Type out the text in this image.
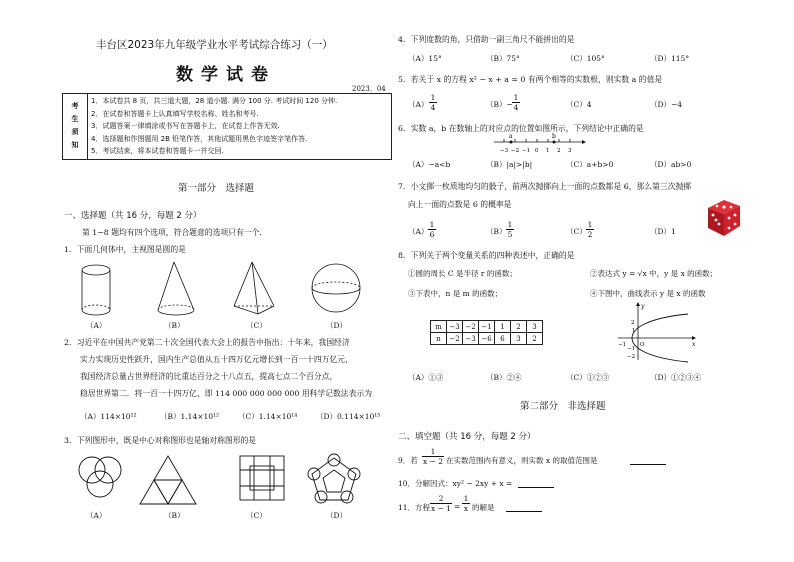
丰台区2023年九年级学业水平考试综合练习（一）
数学试卷
2023．04
考
生
须
知	
1．本试卷共 8 页，共三道大题，28 道小题. 满分 100 分. 考试时间 120 分钟.
2．在试卷和答题卡上认真填写学校名称、姓名和考号.
3．试题答案一律填涂或书写在答题卡上，在试卷上作答无效.
4．选择题和作图题用 2B 铅笔作答，其他试题用黑色字迹签字笔作答.
5．考试结束，将本试卷和答题卡一并交回.
第一部分　选择题
一、选择题（共 16 分，每题 2 分）
第 1−8 题均有四个选项，符合题意的选项只有一个．
1．下面几何体中，主视图是圆的是
（A）	（B）	（C）	（D）
2．习近平在中国共产党第二十次全国代表大会上的报告中指出：十年来，我国经济
实力实现历史性跃升，国内生产总值从五十四万亿元增长到一百一十四万亿元，
我国经济总量占世界经济的比重达百分之十八点五，提高七点二个百分点，
稳居世界第二．将一百一十四万亿，即 114 000 000 000 000 用科学记数法表示为
（A）114×10¹²	（B）1.14×10¹²	（C）1.14×10¹⁴ （D）0.114×10¹⁵
3．下列图形中，既是中心对称图形也是轴对称图形的是
（A）	（B）	（C）	（D）
4．下列度数的角，只借助一副三角尺不能拼出的是
（A）15°	（B）75°	（C）105°	（D）115°
5．若关于 x 的方程 x² − x + a = 0 有两个相等的实数根，则实数 a 的值是
$(A) \frac{1}{4}$	$(B)- \frac{1}{4}$	（C）4	（D）−4
6．实数 a，b 在数轴上的对应点的位置如图所示，下列结论中正确的是
a	b
−3 −2 −1 0 1 2 3
（A）−a<b	（B）|a|>|b|	（C）a+b>0	（D）ab>0
7．小文掷一枚质地均匀的骰子，前两次抛掷向上一面的点数都是 6，那么第三次抛掷
向上一面的点数是 6 的概率是
$(A) \frac{1}{6}$	$(B) \frac{1}{5}$	$(C) \frac{1}{2}$	（D）1
8．下列关于两个变量关系的四种表述中，正确的是
①圆的周长 C 是半径 r 的函数；	②表达式 y = √x 中，y 是 x 的函数；
③下表中，n 是 m 的函数；	④下图中，曲线表示 y 是 x 的函数
m	−3	−2	−1	1	2	3
n	−2	−3	−6	6	3	2
y
x
2
1
−1	O
−1
−2
（A）①③	（B）②④	（C）①②③	（D）①②③④
第二部分　非选择题
二、填空题（共 16 分，每题 2 分）
9．若 $\frac{1}{x - 2}$ 在实数范围内有意义，则实数 x 的取值范围是
10．分解因式：xy² − 2xy + x =
11．方程 $\frac{2}{x - 1} = \frac{1}{x}$ 的解是
